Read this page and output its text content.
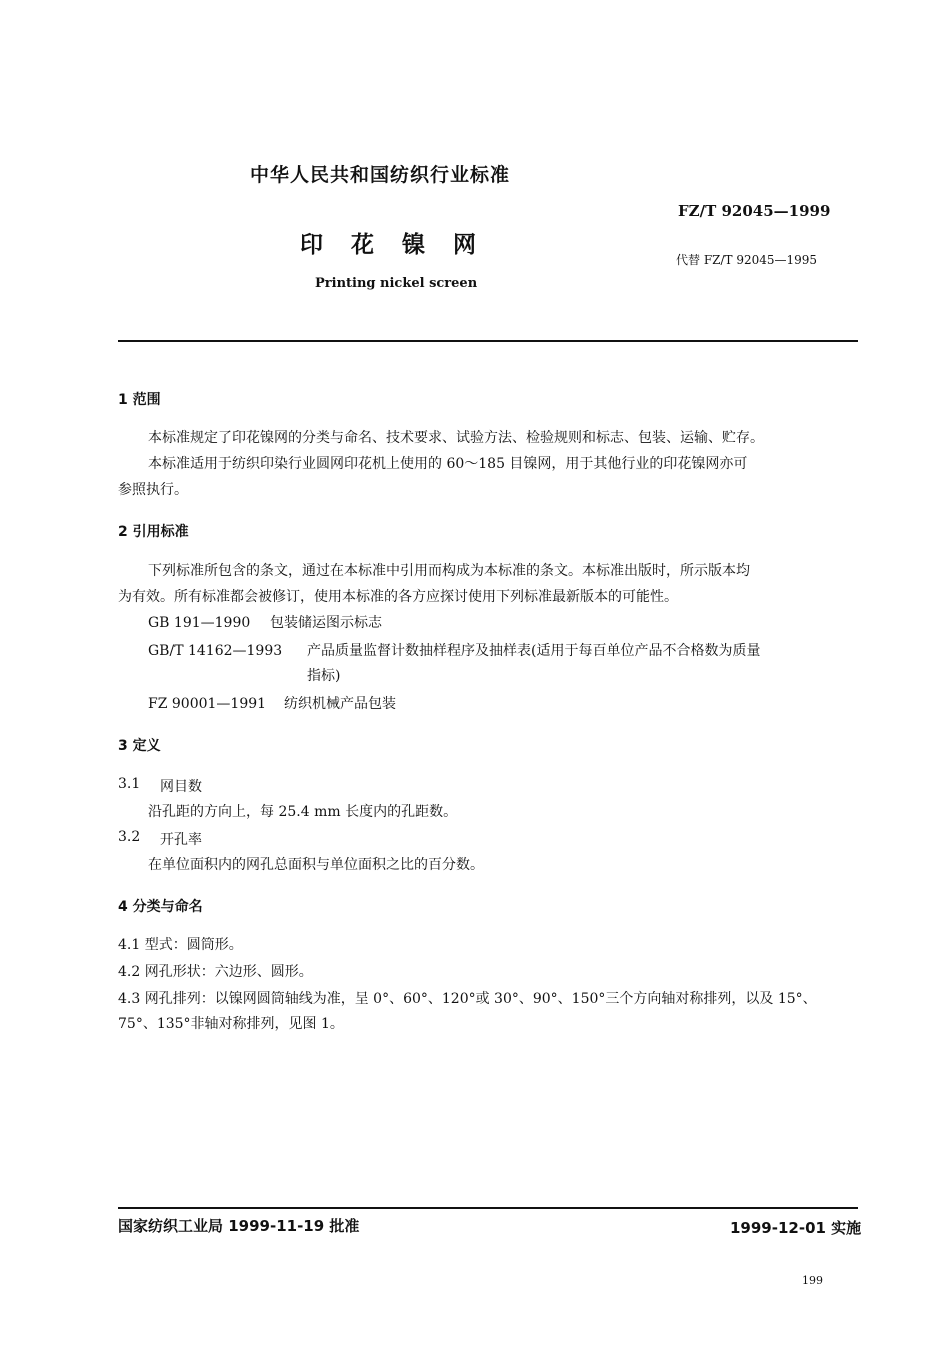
中华人民共和国纺织行业标准
FZ/T 92045—1999
印花镍网
代替 FZ/T 92045—1995
Printing nickel screen
1 范围
本标准规定了印花镍网的分类与命名、技术要求、试验方法、检验规则和标志、包装、运输、贮存。
本标准适用于纺织印染行业圆网印花机上使用的 60～185 目镍网，用于其他行业的印花镍网亦可
参照执行。
2 引用标准
下列标准所包含的条文，通过在本标准中引用而构成为本标准的条文。本标准出版时，所示版本均
为有效。所有标准都会被修订，使用本标准的各方应探讨使用下列标准最新版本的可能性。
GB 191—1990 包装储运图示标志
GB/T 14162—1993 产品质量监督计数抽样程序及抽样表(适用于每百单位产品不合格数为质量
指标)
FZ 90001—1991 纺织机械产品包装
3 定义
3.1 网目数
沿孔距的方向上，每 25.4 mm 长度内的孔距数。
3.2 开孔率
在单位面积内的网孔总面积与单位面积之比的百分数。
4 分类与命名
4.1 型式：圆筒形。
4.2 网孔形状：六边形、圆形。
4.3 网孔排列：以镍网圆筒轴线为准，呈 0°、60°、120°或 30°、90°、150°三个方向轴对称排列，以及 15°、
75°、135°非轴对称排列，见图 1。
国家纺织工业局 1999-11-19 批准	1999-12-01 实施
199
